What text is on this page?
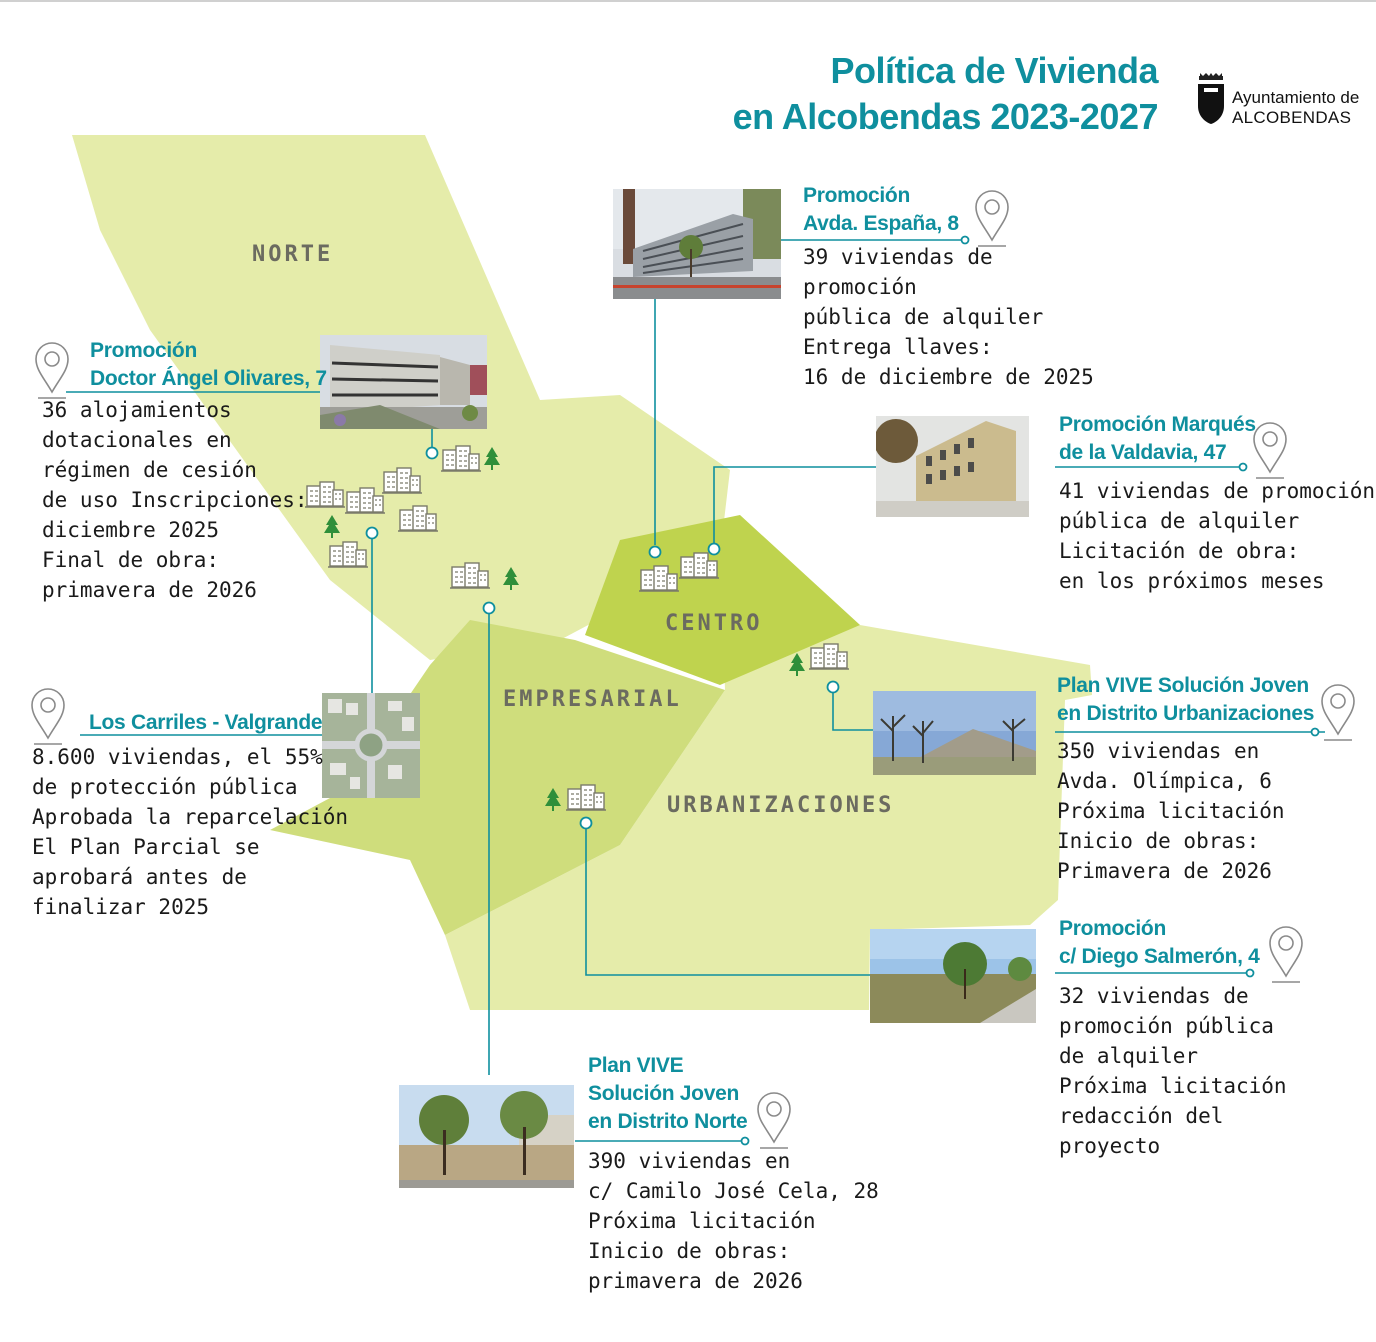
Política de Vivienda
en Alcobendas 2023-2027	Ayuntamiento de
ALCOBENDAS
NORTE
CENTRO
EMPRESARIAL
URBANIZACIONES
Promoción
Avda. España, 8
39 viviendas de
promoción
pública de alquiler
Entrega llaves:
16 de diciembre de 2025
Promoción
Doctor Ángel Olivares, 7
36 alojamientos
dotacionales en
régimen de cesión
de uso Inscripciones:
diciembre 2025
Final de obra:
primavera de 2026
Promoción Marqués
de la Valdavia, 47
41 viviendas de promoción
pública de alquiler
Licitación de obra:
en los próximos meses
Los Carriles - Valgrande
8.600 viviendas, el 55%
de protección pública
Aprobada la reparcelación
El Plan Parcial se
aprobará antes de
finalizar 2025
Plan VIVE Solución Joven
en Distrito Urbanizaciones
350 viviendas en
Avda. Olímpica, 6
Próxima licitación
Inicio de obras:
Primavera de 2026
Promoción
c/ Diego Salmerón, 4
32 viviendas de
promoción pública
de alquiler
Próxima licitación
redacción del
proyecto
Plan VIVE
Solución Joven
en Distrito Norte
390 viviendas en
c/ Camilo José Cela, 28
Próxima licitación
Inicio de obras:
primavera de 2026
